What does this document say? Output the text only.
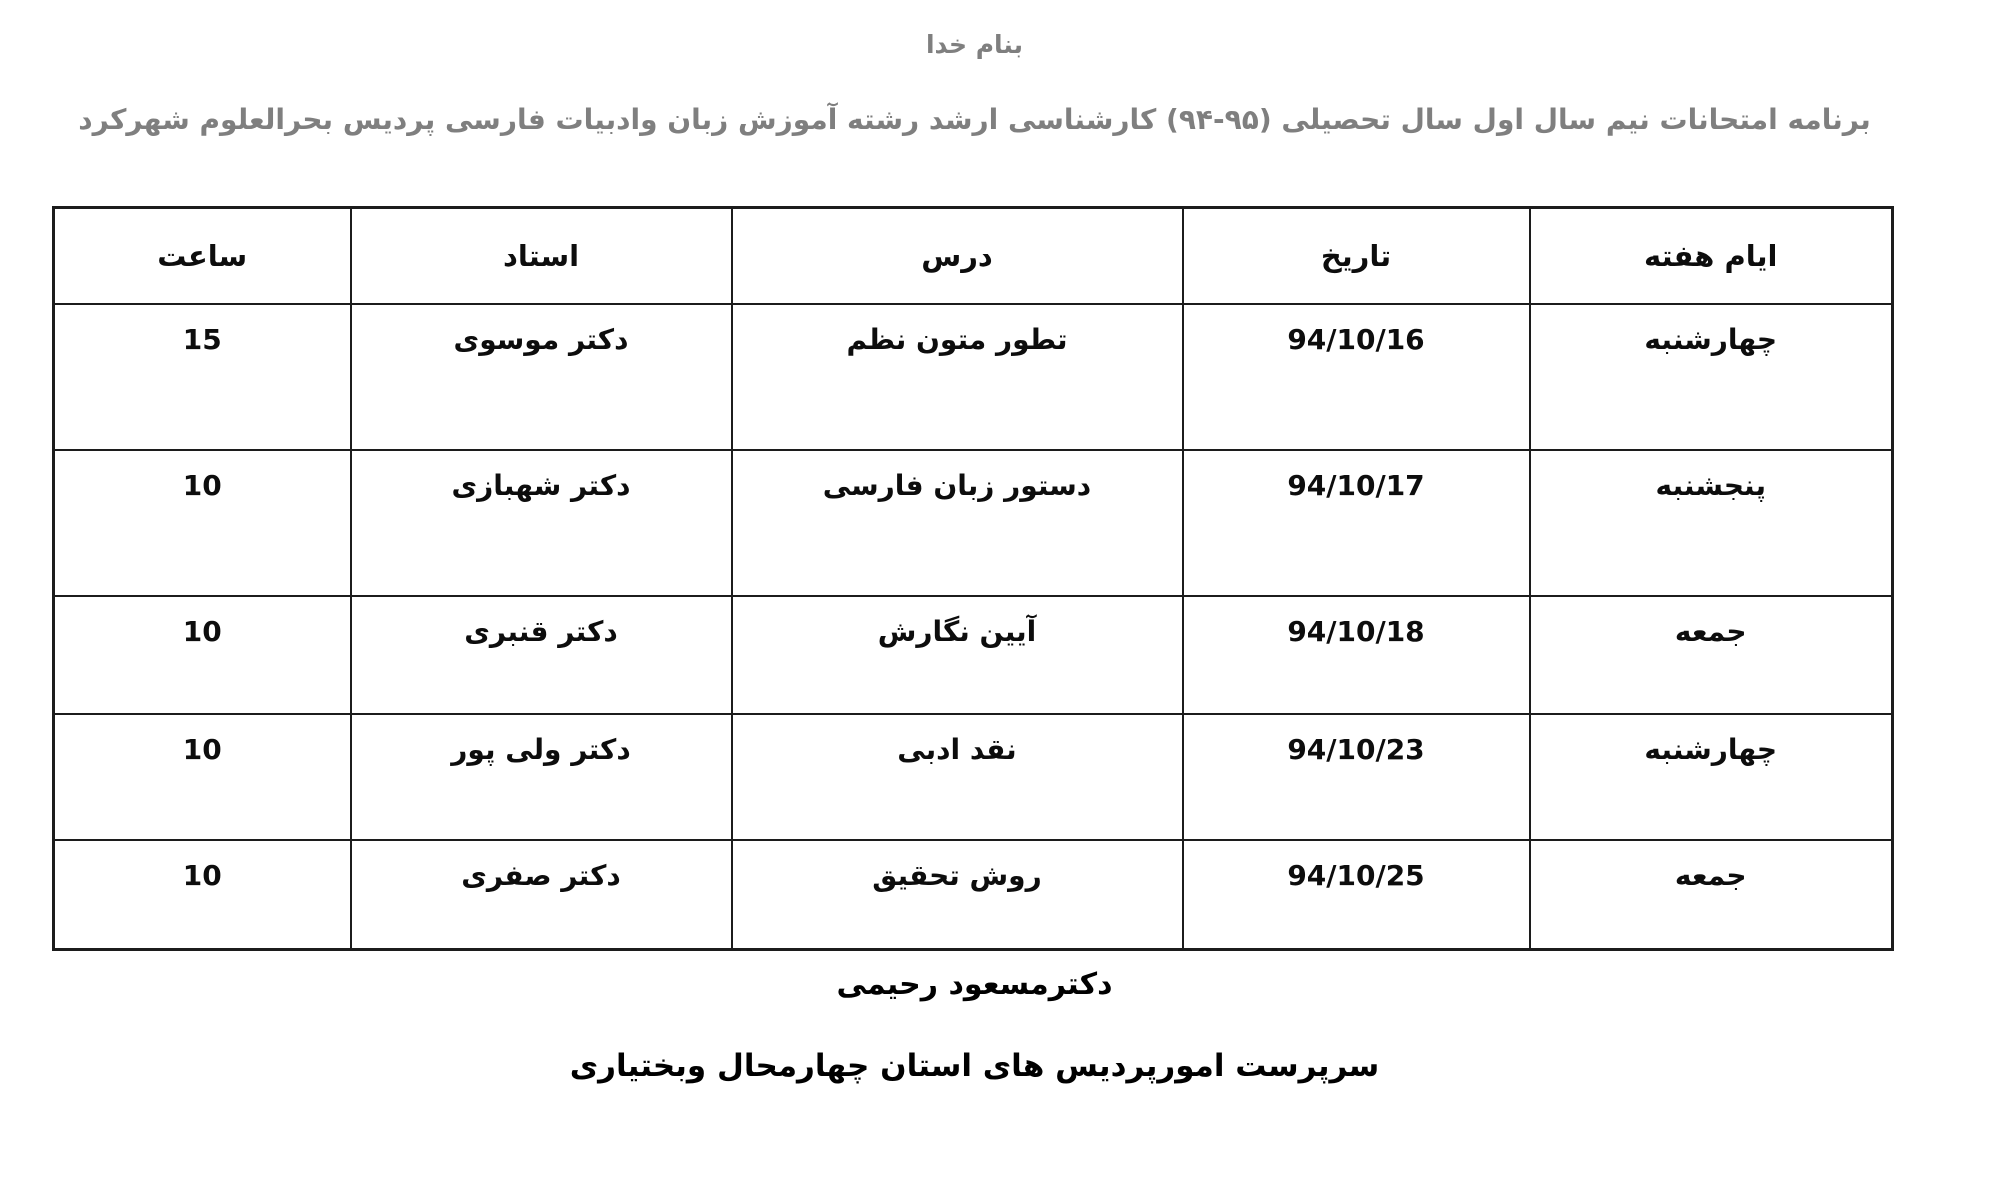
بنام خدا
برنامه امتحانات نیم سال اول سال تحصیلی (۹۵-۹۴) کارشناسی ارشد رشته آموزش زبان وادبیات فارسی پردیس بحرالعلوم شهرکرد
ایام هفته	تاریخ	درس	استاد	ساعت
چهارشنبه	94/10/16	تطور متون نظم	دکتر موسوی	15
پنجشنبه	94/10/17	دستور زبان فارسی	دکتر شهبازی	10
جمعه	94/10/18	آیین نگارش	دکتر قنبری	10
چهارشنبه	94/10/23	نقد ادبی	دکتر ولی پور	10
جمعه	94/10/25	روش تحقیق	دکتر صفری	10
دکترمسعود رحیمی
سرپرست امورپردیس های استان چهارمحال وبختیاری
